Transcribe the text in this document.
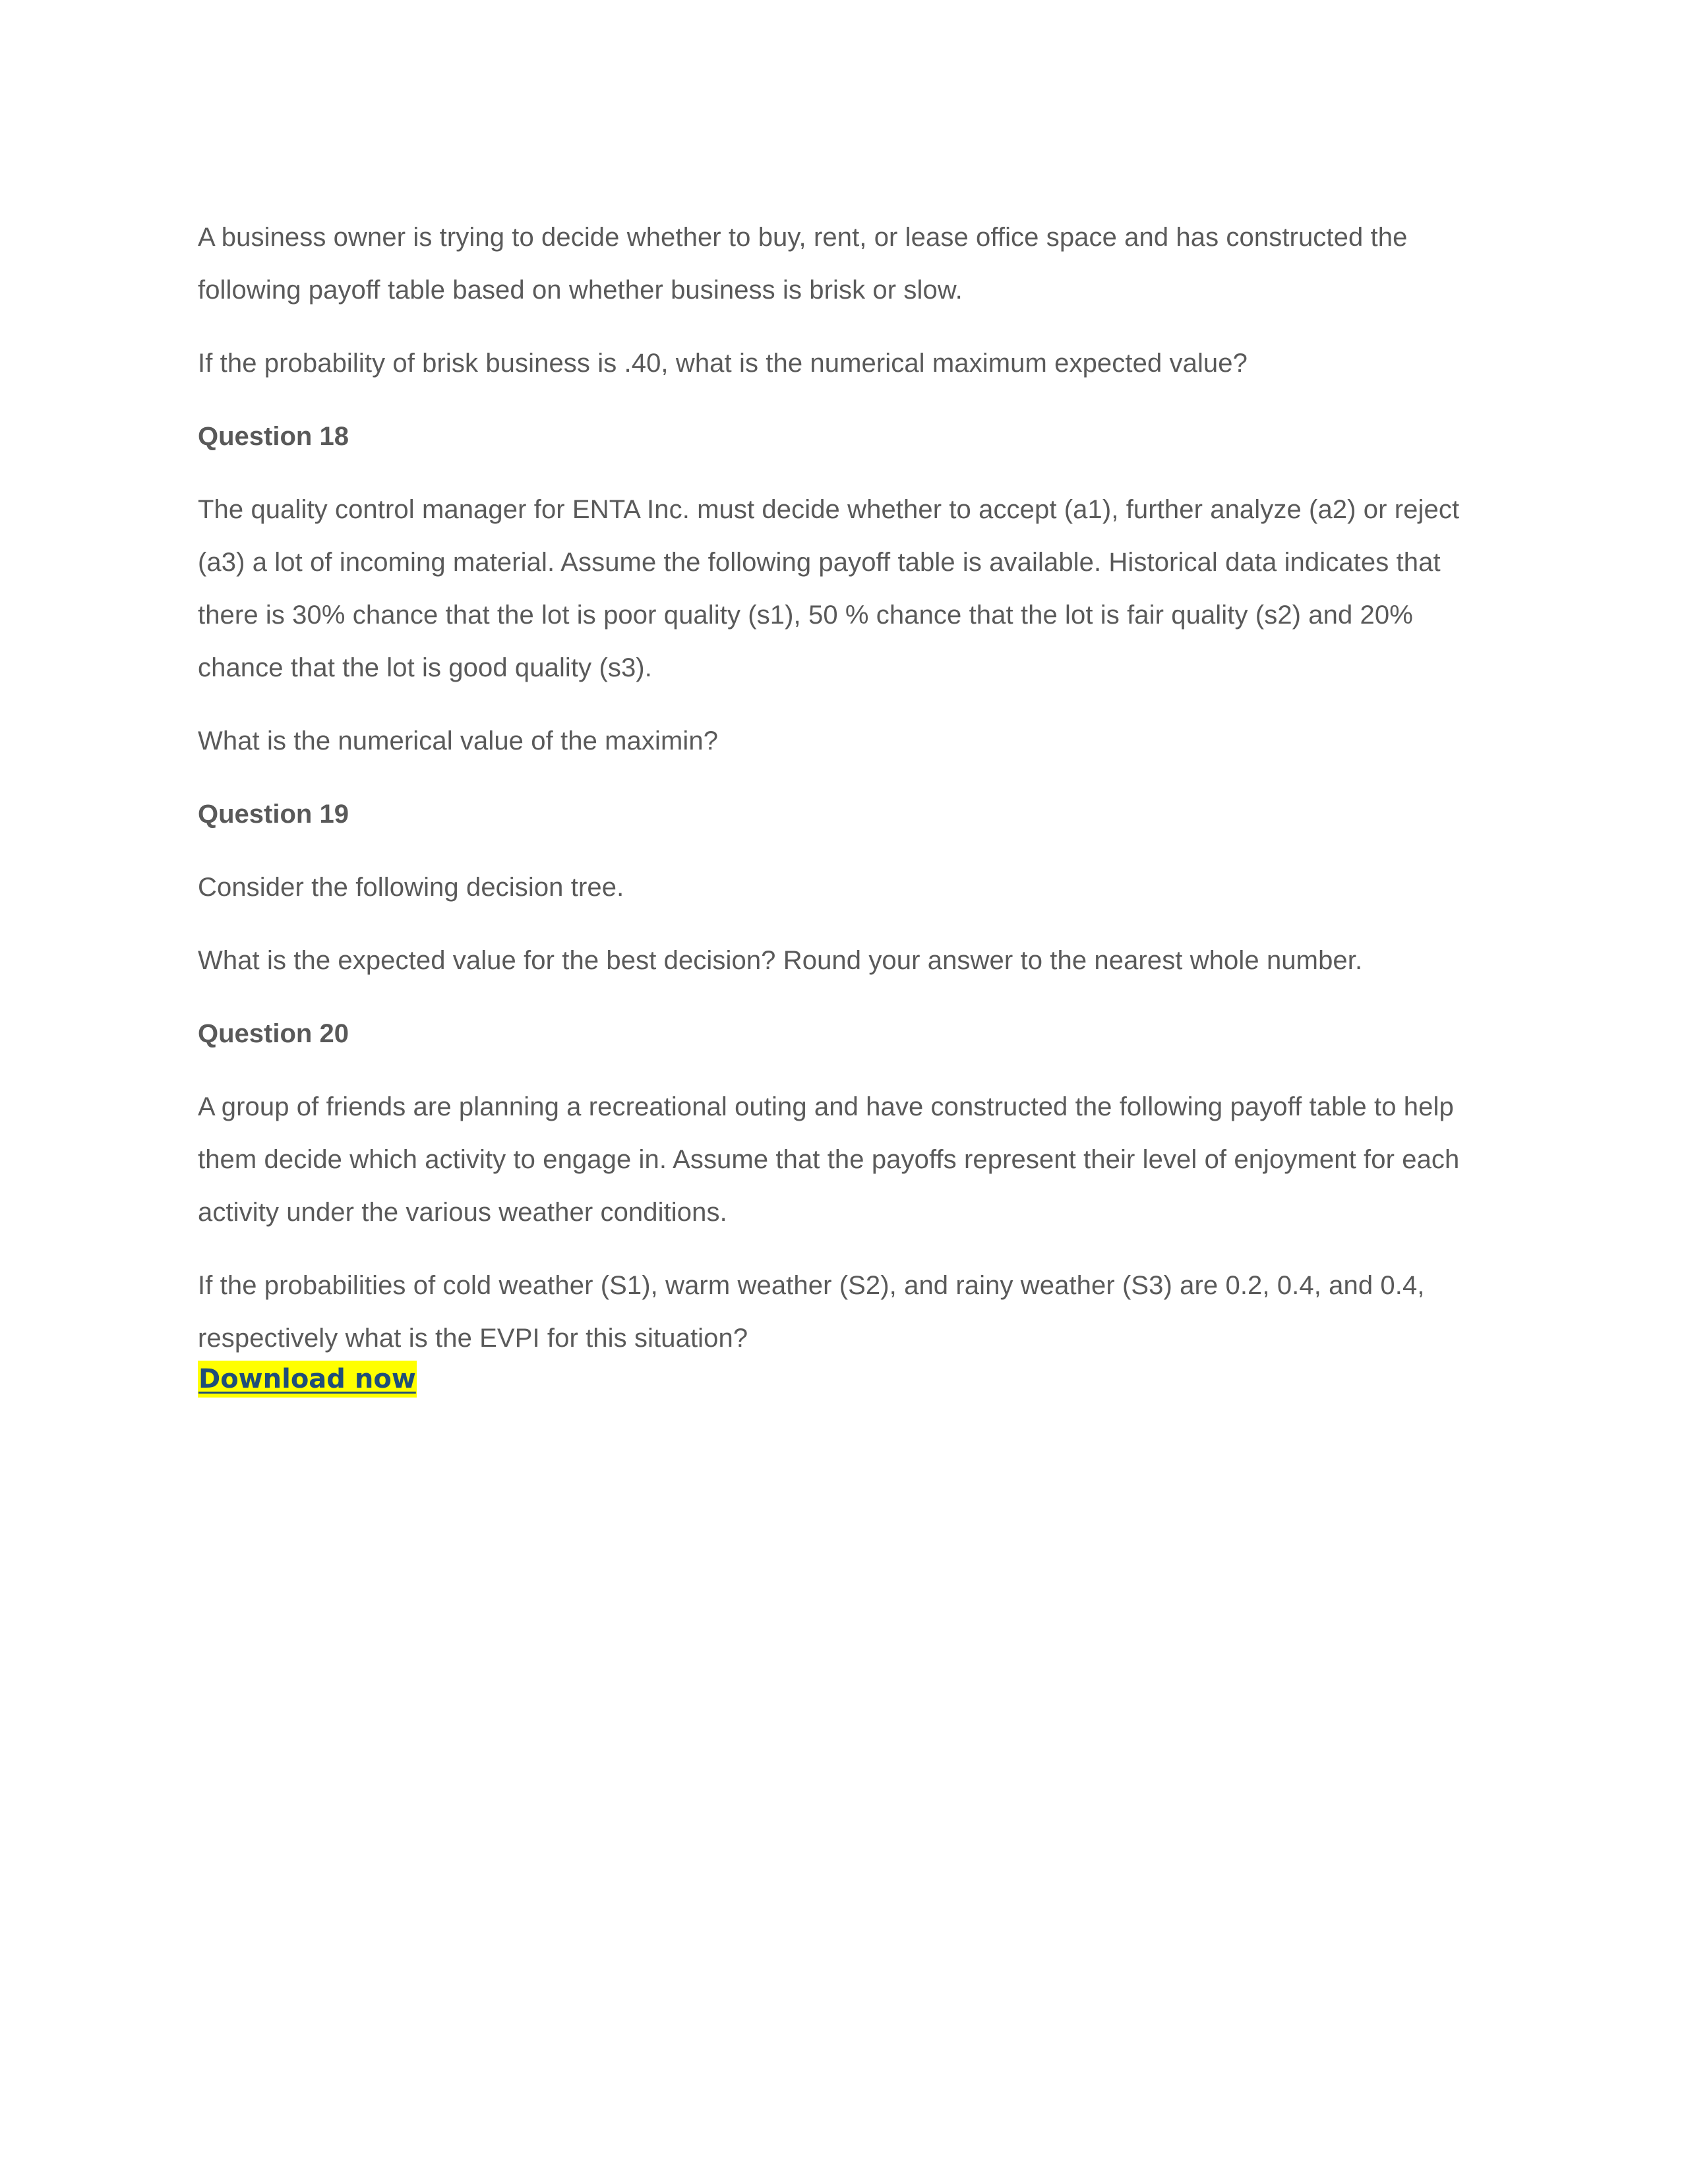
A business owner is trying to decide whether to buy, rent, or lease office space and has constructed the following payoff table based on whether business is brisk or slow.

If the probability of brisk business is .40, what is the numerical maximum expected value?

Question 18

The quality control manager for ENTA Inc. must decide whether to accept (a1), further analyze (a2) or reject (a3) a lot of incoming material. Assume the following payoff table is available. Historical data indicates that there is 30% chance that the lot is poor quality (s1), 50 % chance that the lot is fair quality (s2) and 20% chance that the lot is good quality (s3).

What is the numerical value of the maximin?

Question 19

Consider the following decision tree.

What is the expected value for the best decision? Round your answer to the nearest whole number.

Question 20

A group of friends are planning a recreational outing and have constructed the following payoff table to help them decide which activity to engage in. Assume that the payoffs represent their level of enjoyment for each activity under the various weather conditions.

If the probabilities of cold weather (S1), warm weather (S2), and rainy weather (S3) are 0.2, 0.4, and 0.4, respectively what is the EVPI for this situation?

Download now
